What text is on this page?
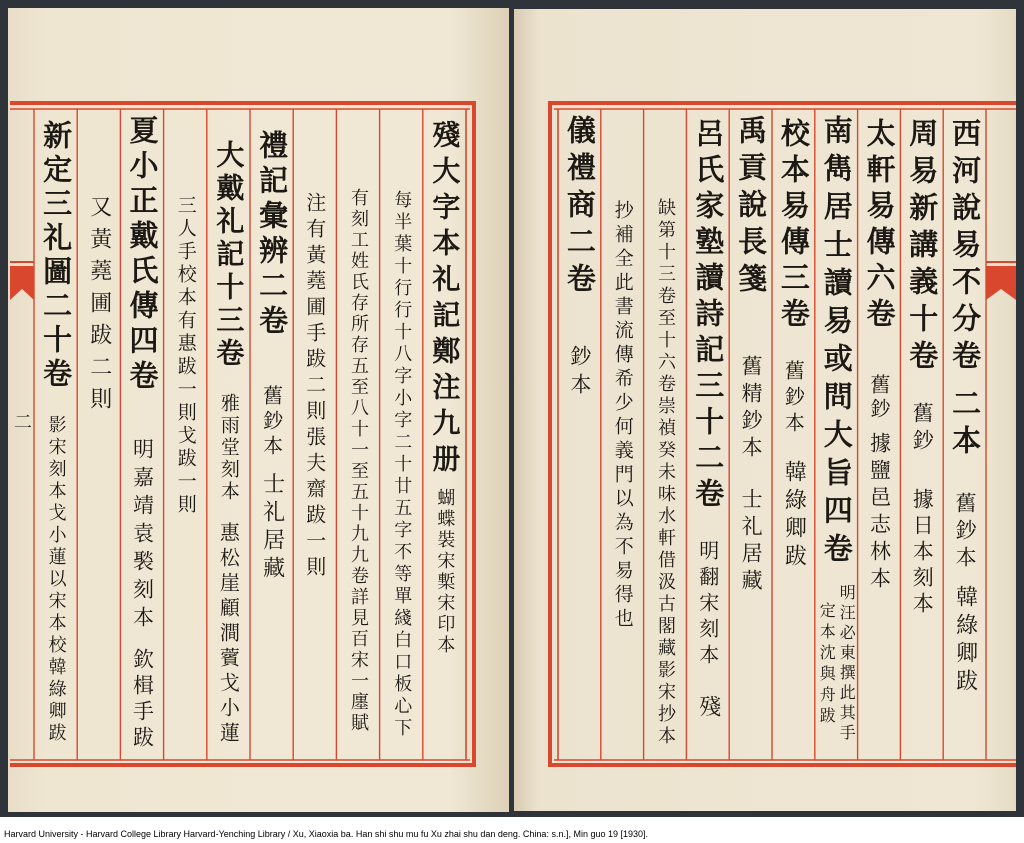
二	殘大字本礼記鄭注九册
蝴蝶裝宋槧宋印本
每半葉十行行十八字小字二十廿五字不等單綫白口板心下
有刻工姓氏存所存五至八十一至五十九九卷詳見百宋一廛賦
注有黃蕘圃手跋二則張夫齋跋一則
禮記彙辨二卷
舊鈔本
士礼居藏
大戴礼記十三卷
雅雨堂刻本
惠松崖顧澗薲戈小蓮
三人手校本有惠跋一則戈跋一則
夏小正戴氏傳四卷
明嘉靖袁褧刻本
欽楫手跋
又黃蕘圃跋二則
新定三礼圖二十卷
影宋刻本戈小蓮以宋本校韓綠卿跋
西河說易不分卷
二本
舊鈔本
韓綠卿跋
周易新講義十卷
舊鈔
據日本刻本
太軒易傳六卷
舊鈔
據鹽邑志林本
南雋居士讀易或問大旨四卷
明汪必東撰此其手
定本沈與舟跋
校本易傳三卷
舊鈔本
韓綠卿跋
禹貢說長箋
舊精鈔本
士礼居藏
呂氏家塾讀詩記三十二卷
明翻宋刻本
殘
缺第十三卷至十六卷崇禎癸未味水軒借汲古閣藏影宋抄本
抄補全此書流傳希少何義門以為不易得也
儀禮商二卷
鈔本
Harvard University - Harvard College Library Harvard-Yenching Library / Xu, Xiaoxia ba. Han shi shu mu fu Xu zhai shu dan deng. China: s.n.], Min guo 19 [1930].
